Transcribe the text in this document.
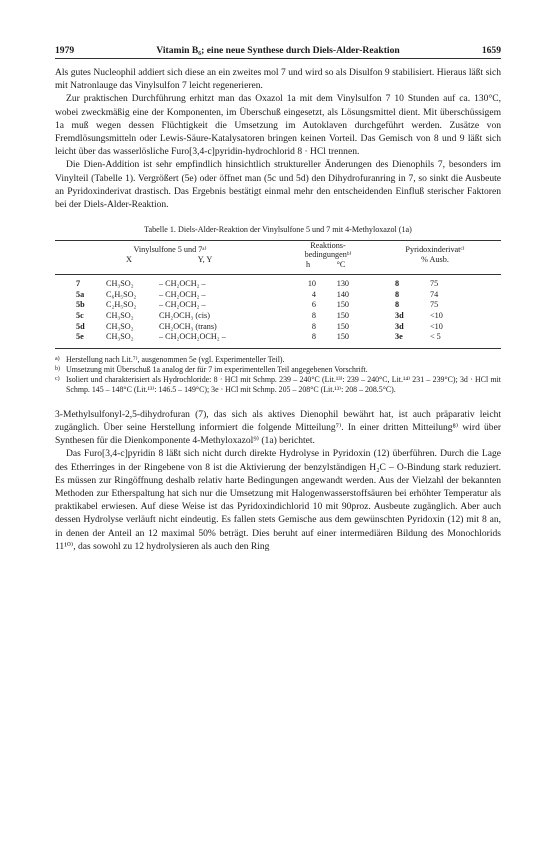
1979	Vitamin B₆; eine neue Synthese durch Diels-Alder-Reaktion	1659

Als gutes Nucleophil addiert sich diese an ein zweites mol 7 und wird so als Disulfon 9 stabilisiert. Hieraus läßt sich mit Natronlauge das Vinylsulfon 7 leicht regenerieren.

Zur praktischen Durchführung erhitzt man das Oxazol 1a mit dem Vinylsulfon 7 10 Stunden auf ca. 130°C, wobei zweckmäßig eine der Komponenten, im Überschuß eingesetzt, als Lösungsmittel dient. Mit überschüssigem 1a muß wegen dessen Flüchtigkeit die Umsetzung im Autoklaven durchgeführt werden. Zusätze von Fremdlösungsmitteln oder Lewis-Säure-Katalysatoren bringen keinen Vorteil. Das Gemisch von 8 und 9 läßt sich leicht über das wasserlösliche Furo[3,4-c]pyridin-hydrochlorid 8 · HCl trennen.

Die Dien-Addition ist sehr empfindlich hinsichtlich struktureller Änderungen des Dienophils 7, besonders im Vinylteil (Tabelle 1). Vergrößert (5e) oder öffnet man (5c und 5d) den Dihydrofuranring in 7, so sinkt die Ausbeute an Pyridoxinderivat drastisch. Das Ergebnis bestätigt einmal mehr den entscheidenden Einfluß sterischer Faktoren bei der Diels-Alder-Reaktion.

Tabelle 1. Diels-Alder-Reaktion der Vinylsulfone 5 und 7 mit 4-Methyloxazol (1a)
Vinylsulfone 5 und 7ᵃ⁾
X	Y, Y
Reaktions-
bedingungenᵇ⁾
h	°C
Pyridoxinderivatᶜ⁾
% Ausb.
7	CH₃SO₂	– CH₂OCH₂ –	10	130	8	75
5a	C₆H₅SO₂	– CH₂OCH₂ –	4	140	8	74
5b	C₂H₅SO₂	– CH₂OCH₂ –	6	150	8	75
5c	CH₃SO₂	CH₂OCH₃ (cis)	8	150	3d	<10
5d	CH₃SO₂	CH₂OCH₃ (trans)	8	150	3d	<10
5e	CH₃SO₂	– CH₂OCH₂OCH₂ –	8	150	3e	< 5
a) Herstellung nach Lit.⁷⁾, ausgenommen 5e (vgl. Experimenteller Teil).
b) Umsetzung mit Überschuß 1a analog der für 7 im experimentellen Teil angegebenen Vorschrift.
c) Isoliert und charakterisiert als Hydrochloride: 8 · HCl mit Schmp. 239 – 240°C (Lit.¹³⁾: 239 – 240°C, Lit.¹⁴⁾ 231 – 239°C); 3d · HCl mit Schmp. 145 – 148°C (Lit.¹³⁾: 146.5 – 149°C); 3e · HCl mit Schmp. 205 – 208°C (Lit.¹³⁾: 208 – 208.5°C).

3-Methylsulfonyl-2,5-dihydrofuran (7), das sich als aktives Dienophil bewährt hat, ist auch präparativ leicht zugänglich. Über seine Herstellung informiert die folgende Mitteilung⁷⁾. In einer dritten Mitteilung⁸⁾ wird über Synthesen für die Dienkomponente 4-Methyloxazol⁹⁾ (1a) berichtet.

Das Furo[3,4-c]pyridin 8 läßt sich nicht durch direkte Hydrolyse in Pyridoxin (12) überführen. Durch die Lage des Etherringes in der Ringebene von 8 ist die Aktivierung der benzylständigen H₂C – O-Bindung stark reduziert. Es müssen zur Ringöffnung deshalb relativ harte Bedingungen angewandt werden. Aus der Vielzahl der bekannten Methoden zur Etherspaltung hat sich nur die Umsetzung mit Halogenwasserstoffsäuren bei erhöhter Temperatur als praktikabel erwiesen. Auf diese Weise ist das Pyridoxindichlorid 10 mit 90proz. Ausbeute zugänglich. Aber auch dessen Hydrolyse verläuft nicht eindeutig. Es fallen stets Gemische aus dem gewünschten Pyridoxin (12) mit 8 an, in denen der Anteil an 12 maximal 50% beträgt. Dies beruht auf einer intermediären Bildung des Monochlorids 11¹⁰⁾, das sowohl zu 12 hydrolysieren als auch den Ring
